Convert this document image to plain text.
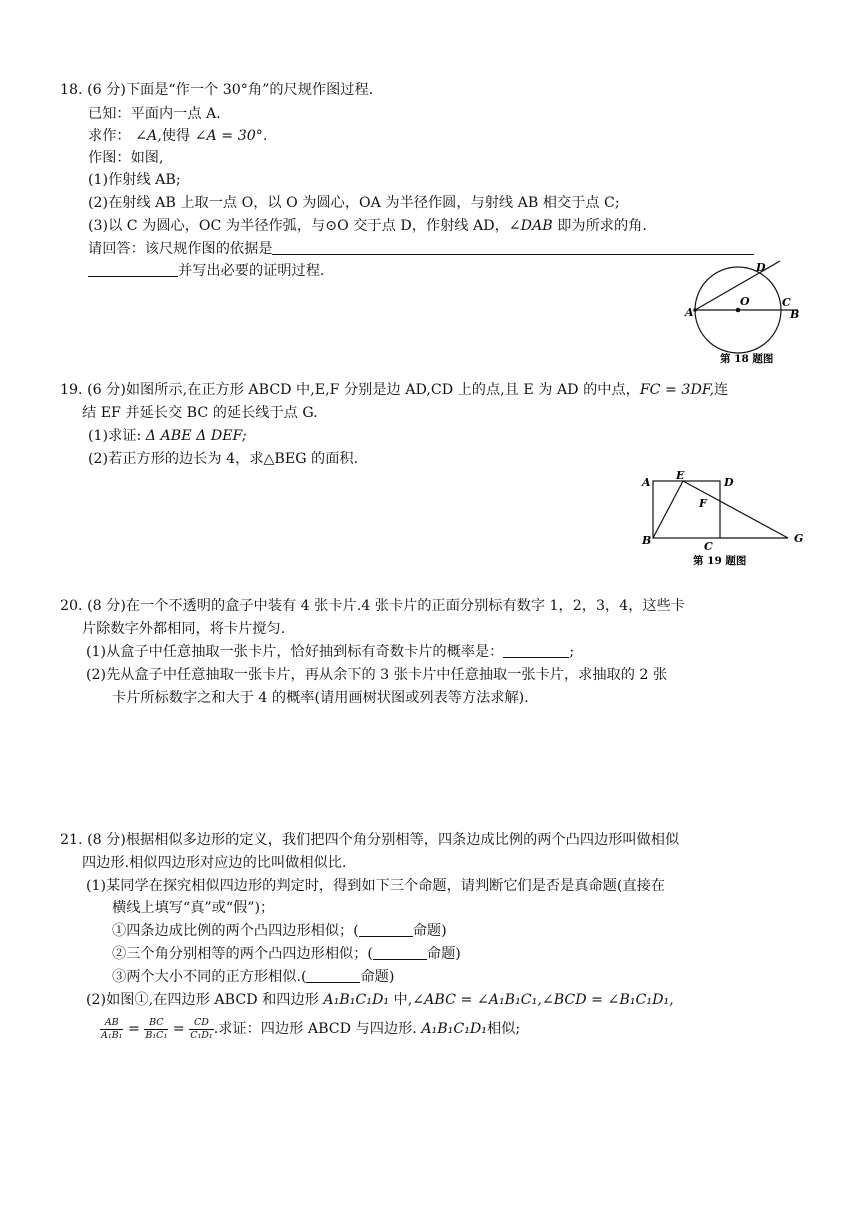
18. (6 分)下面是“作一个 30°角”的尺规作图过程.
已知：平面内一点 A.
求作： ∠A,使得 ∠A = 30°.
作图：如图,
(1)作射线 AB;
(2)在射线 AB 上取一点 O，以 O 为圆心，OA 为半径作圆，与射线 AB 相交于点 C;
(3)以 C 为圆心，OC 为半径作弧，与⊙O 交于点 D，作射线 AD，∠DAB 即为所求的角.
请回答：该尺规作图的依据是
并写出必要的证明过程.	D
A
O	C
B
第 18 题图
19. (6 分)如图所示,在正方形 ABCD 中,E,F 分别是边 AD,CD 上的点,且 E 为 AD 的中点，FC = 3DF,连
结 EF 并延长交 BC 的延长线于点 G.
(1)求证: Δ ABE Δ DEF;
(2)若正方形的边长为 4，求△BEG 的面积.
A
E
D
F
B	C
G
第 19 题图
20. (8 分)在一个不透明的盒子中装有 4 张卡片.4 张卡片的正面分别标有数字 1，2，3，4，这些卡
片除数字外都相同，将卡片搅匀.
(1)从盒子中任意抽取一张卡片，恰好抽到标有奇数卡片的概率是：	;
(2)先从盒子中任意抽取一张卡片，再从余下的 3 张卡片中任意抽取一张卡片，求抽取的 2 张
卡片所标数字之和大于 4 的概率(请用画树状图或列表等方法求解).
21. (8 分)根据相似多边形的定义，我们把四个角分别相等，四条边成比例的两个凸四边形叫做相似
四边形.相似四边形对应边的比叫做相似比.
(1)某同学在探究相似四边形的判定时，得到如下三个命题，请判断它们是否是真命题(直接在
横线上填写“真”或“假”)；
①四条边成比例的两个凸四边形相似；(	命题)
②三个角分别相等的两个凸四边形相似；(	命题)
③两个大小不同的正方形相似.(	命题)
(2)如图①,在四边形 ABCD 和四边形 A₁B₁C₁D₁ 中,∠ABC = ∠A₁B₁C₁,∠BCD = ∠B₁C₁D₁,
$\frac{AB}{\text{A₁B₁}} = \frac{BC}{\text{B₁C₁}} = \frac{CD}{\text{C₁D₁}}$ .求证：四边形 ABCD 与四边形. A₁B₁C₁D₁相似;
